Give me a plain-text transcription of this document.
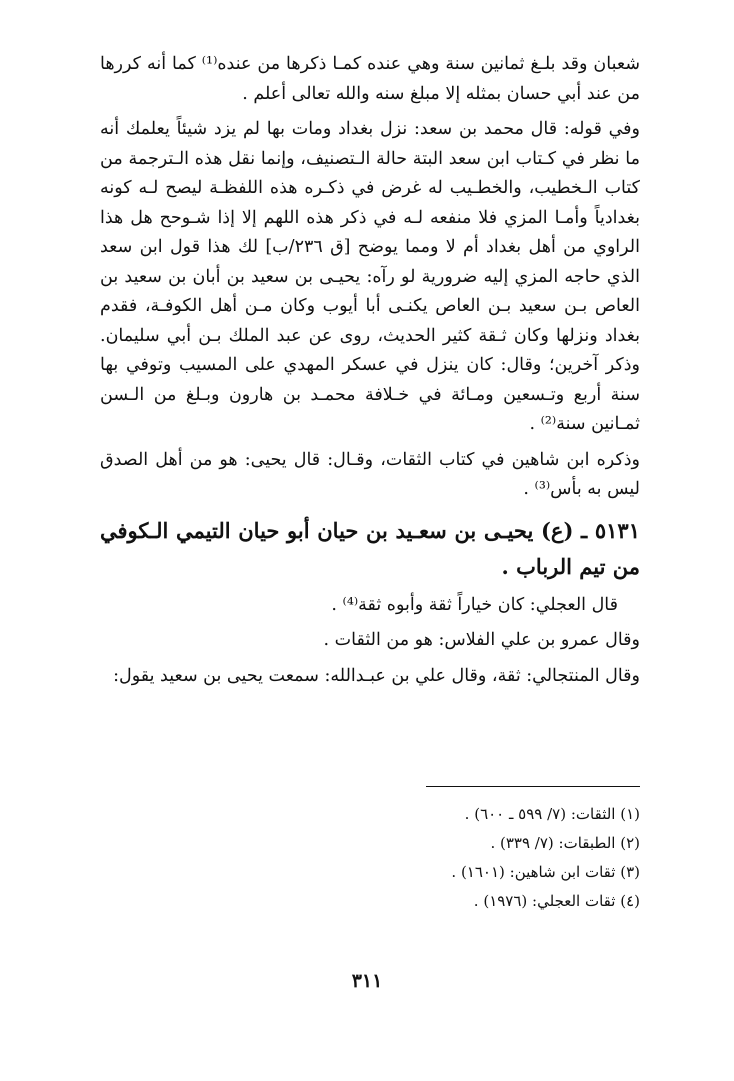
شعبان وقد بلـغ ثمانين سنة وهي عنده كمـا ذكرها من عنده⁽¹⁾ كما أنه كررها من عند أبي حسان بمثله إلا مبلغ سنه والله تعالى أعلم .

وفي قوله: قال محمد بن سعد: نزل بغداد ومات بها لم يزد شيئاً يعلمك أنه ما نظر في كـتاب ابن سعد البتة حالة الـتصنيف، وإنما نقل هذه الـترجمة من كتاب الـخطيب، والخطـيب له غرض في ذكـره هذه اللفظـة ليصح لـه كونه بغدادياً وأمـا المزي فلا منفعه لـه في ذكر هذه اللهم إلا إذا شـوحح هل هذا الراوي من أهل بغداد أم لا ومما يوضح [ق ٢٣٦/ب] لك هذا قول ابن سعد الذي حاجه المزي إليه ضرورية لو رآه: يحيـى بن سعيد بن أبان بن سعيد بن العاص بـن سعيد بـن العاص يكنـى أبا أيوب وكان مـن أهل الكوفـة، فقدم بغداد ونزلها وكان ثـقة كثير الحديث، روى عن عبد الملك بـن أبي سليمان. وذكر آخرين؛ وقال: كان ينزل في عسكر المهدي على المسيب وتوفي بها سنة أربع وتـسعين ومـائة في خـلافة محمـد بن هارون وبـلغ من الـسن ثمـانين سنة⁽²⁾ .

وذكره ابن شاهين في كتاب الثقات، وقـال: قال يحيى: هو من أهل الصدق ليس به بأس⁽³⁾ .

٥١٣١ ـ (ع) يحيـى بن سعـيد بن حيان أبو حيان التيمي الـكوفي من تيم الرباب .

قال العجلي: كان خياراً ثقة وأبوه ثقة⁽⁴⁾ .

وقال عمرو بن علي الفلاس: هو من الثقات .

وقال المنتجالي: ثقة، وقال علي بن عبـدالله: سمعت يحيى بن سعيد يقول:

(١) الثقات: (٧/ ٥٩٩ ـ ٦٠٠) .

(٢) الطبقات: (٧/ ٣٣٩) .

(٣) ثقات ابن شاهين: (١٦٠١) .

(٤) ثقات العجلي: (١٩٧٦) .

٣١١
